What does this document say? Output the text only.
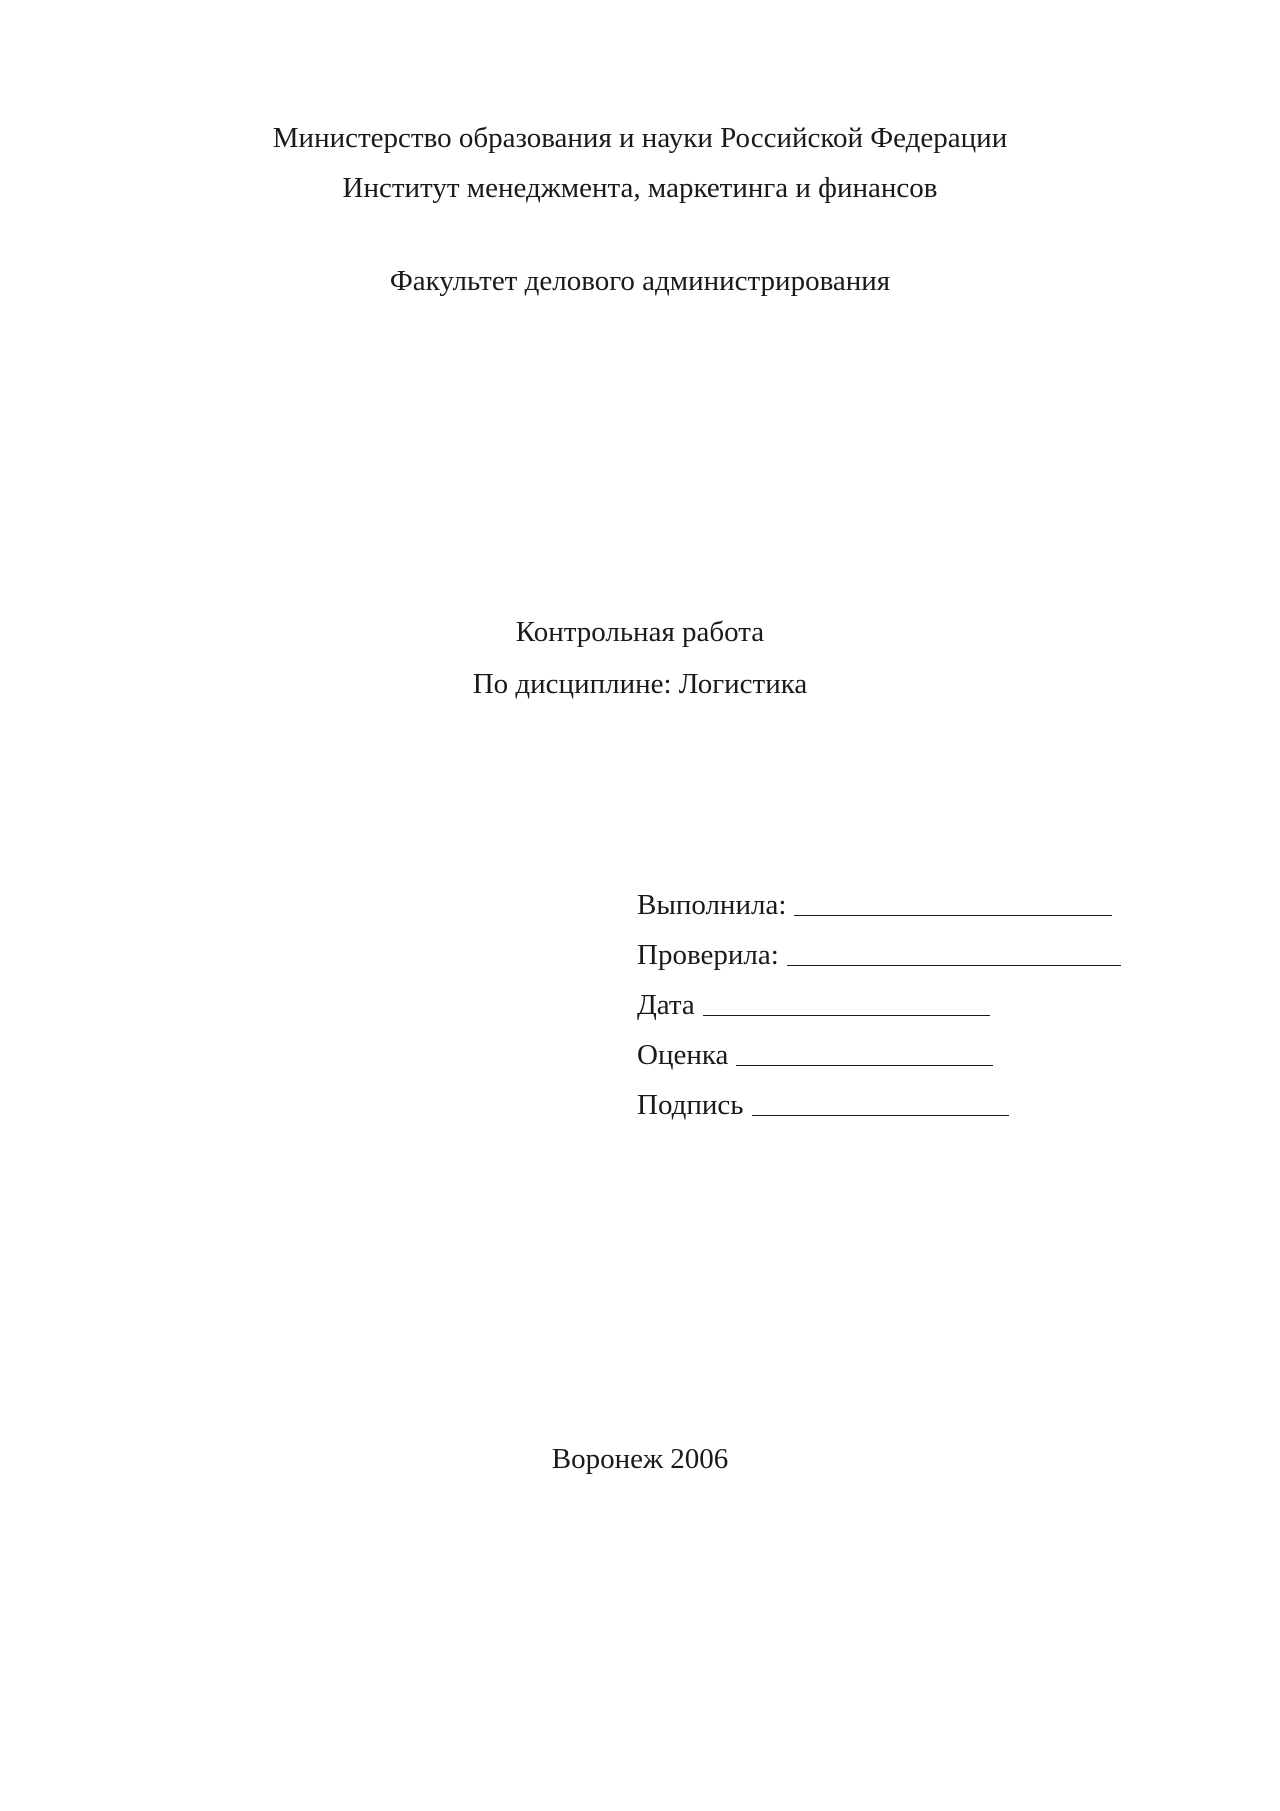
Министерство образования и науки Российской Федерации
Институт менеджмента, маркетинга и финансов
Факультет делового администрирования
Контрольная работа
По дисциплине: Логистика
Выполнила:
Проверила:
Дата
Оценка
Подпись
Воронеж 2006
